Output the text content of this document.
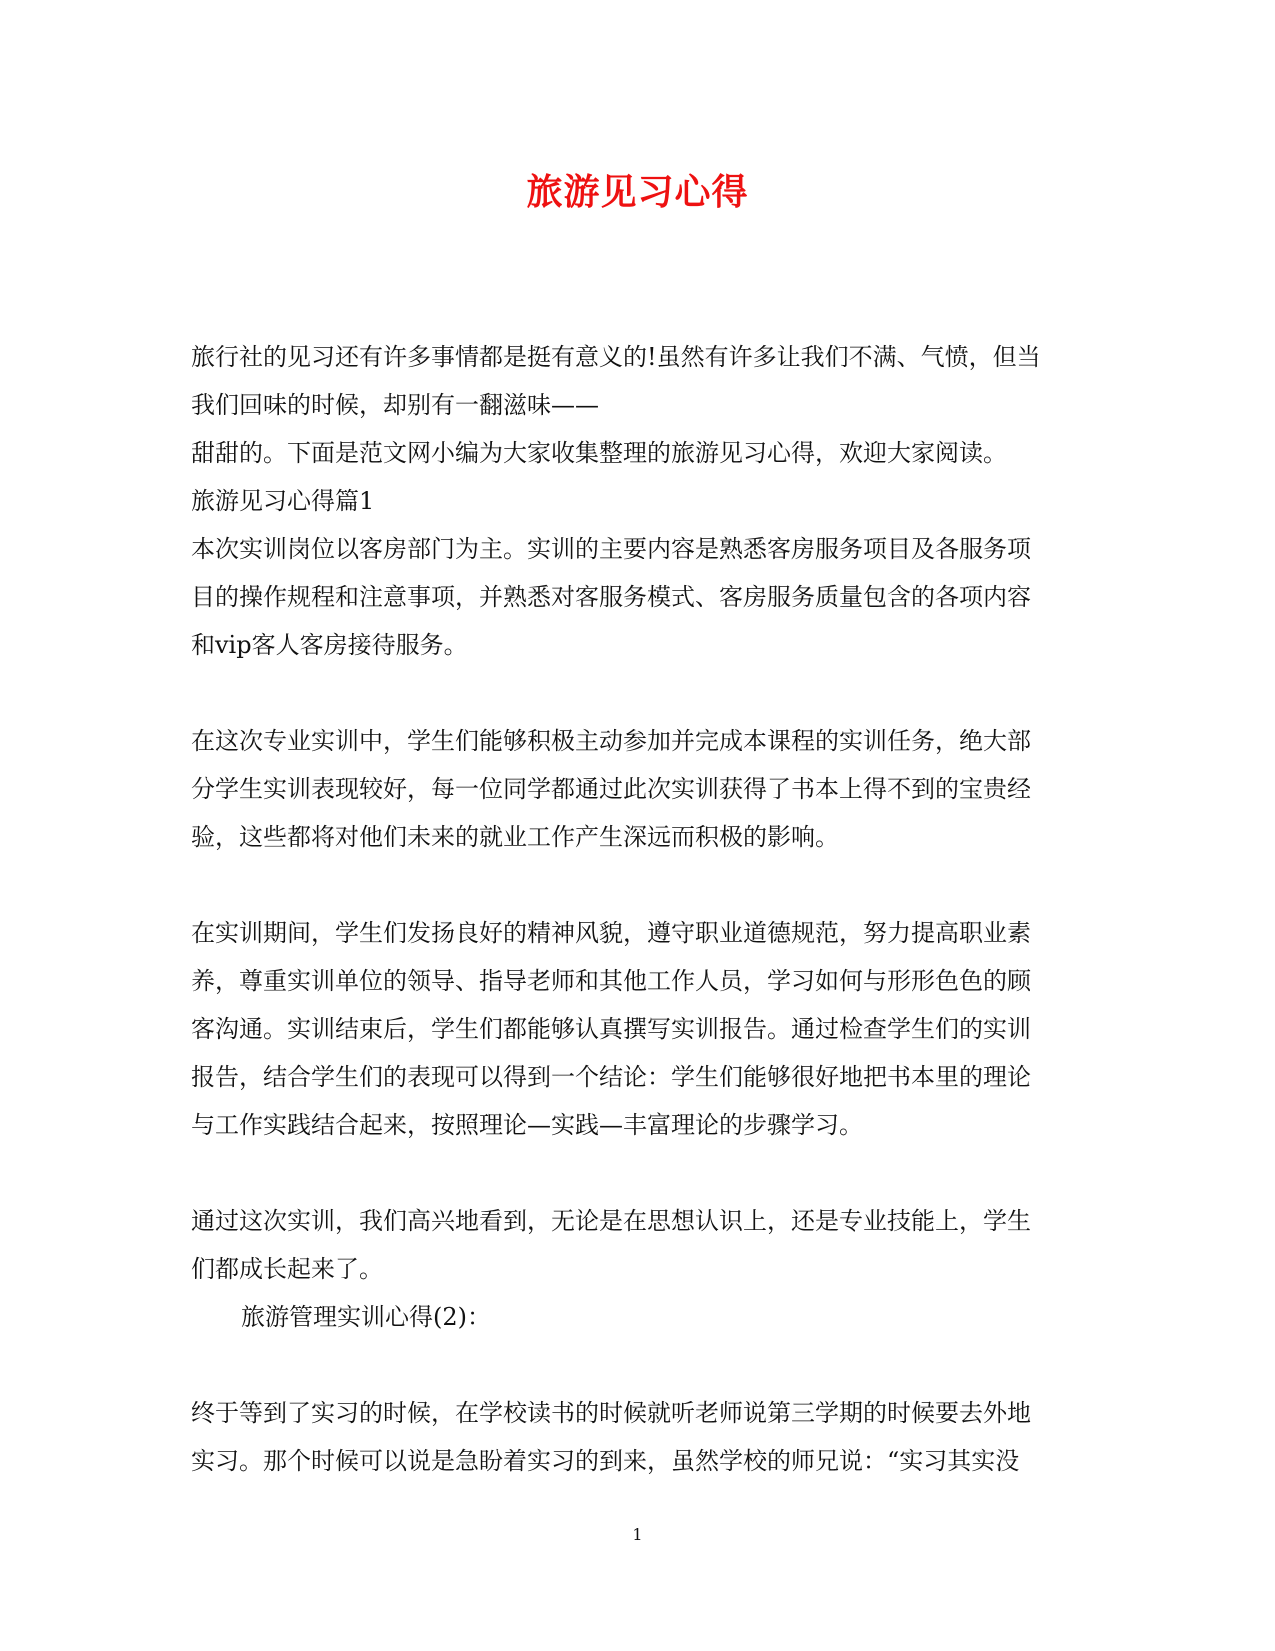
旅游见习心得
旅行社的见习还有许多事情都是挺有意义的!虽然有许多让我们不满、气愤，但当
我们回味的时候，却别有一翻滋味——
甜甜的。下面是范文网小编为大家收集整理的旅游见习心得，欢迎大家阅读。
旅游见习心得篇1
本次实训岗位以客房部门为主。实训的主要内容是熟悉客房服务项目及各服务项
目的操作规程和注意事项，并熟悉对客服务模式、客房服务质量包含的各项内容
和vip客人客房接待服务。
在这次专业实训中，学生们能够积极主动参加并完成本课程的实训任务，绝大部
分学生实训表现较好，每一位同学都通过此次实训获得了书本上得不到的宝贵经
验，这些都将对他们未来的就业工作产生深远而积极的影响。
在实训期间，学生们发扬良好的精神风貌，遵守职业道德规范，努力提高职业素
养，尊重实训单位的领导、指导老师和其他工作人员，学习如何与形形色色的顾
客沟通。实训结束后，学生们都能够认真撰写实训报告。通过检查学生们的实训
报告，结合学生们的表现可以得到一个结论：学生们能够很好地把书本里的理论
与工作实践结合起来，按照理论—实践—丰富理论的步骤学习。
通过这次实训，我们高兴地看到，无论是在思想认识上，还是专业技能上，学生
们都成长起来了。
旅游管理实训心得(2)：
终于等到了实习的时候，在学校读书的时候就听老师说第三学期的时候要去外地
实习。那个时候可以说是急盼着实习的到来，虽然学校的师兄说：“实习其实没
1
